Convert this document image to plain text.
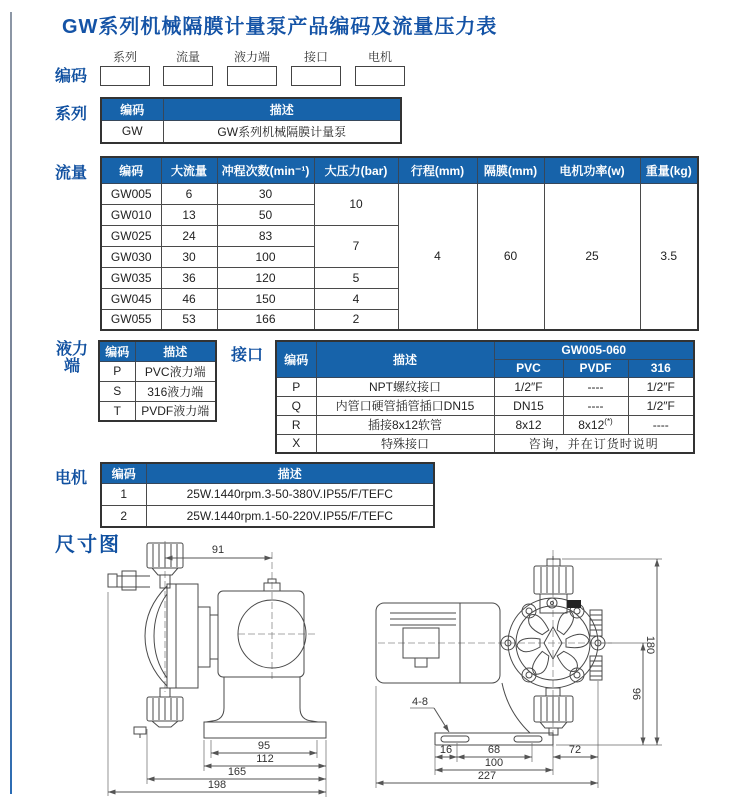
GW系列机械隔膜计量泵产品编码及流量压力表
编码
系列	流量	液力端	接口	电机
系列	编码	描述
GW	GW系列机械隔膜计量泵
流量	编码	大流量	冲程次数(min⁻¹)	大压力(bar)	行程(mm)	隔膜(mm)	电机功率(w)	重量(kg)
GW005	6	30	10	4	60	25	3.5
GW010	13	50					
GW025	24	83	7				
GW030	30	100					
GW035	36	120	5				
GW045	46	150	4				
GW055	53	166	2				
液力端
编码	描述
P	PVC液力端
S	316液力端
T	PVDF液力端
接口 编码	描述	GW005-060		
		PVC	PVDF	316
P	NPT螺纹接口	1/2″F	----	1/2″F
Q	内管口硬管插管插口DN15	DN15	----	1/2″F
R	插接8x12软管	8x12	8x12(*)	----
X	特殊接口	咨询，并在订货时说明		
电机 编码	描述
1	25W.1440rpm.3-50-380V.IP55/F/TEFC
2	25W.1440rpm.1-50-220V.IP55/F/TEFC
尺寸图	91
95
112
165
198
4-8
16	68	72
100
227
180
96
